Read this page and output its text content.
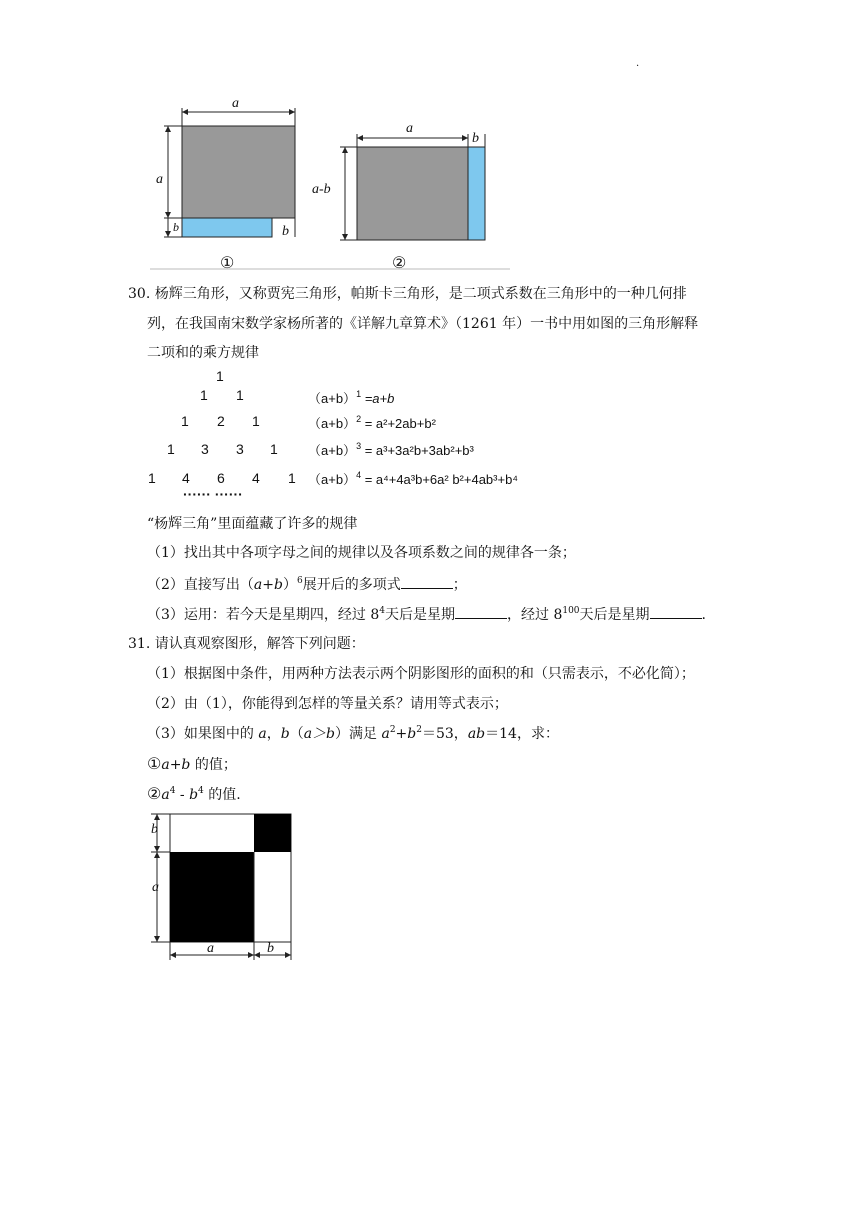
.
a
a
b	b
①
a
b
a-b
②
30. 杨辉三角形，又称贾宪三角形，帕斯卡三角形，是二项式系数在三角形中的一种几何排
列，在我国南宋数学家杨所著的《详解九章算术》（1261 年）一书中用如图的三角形解释
二项和的乘方规律
1
1 1
1 2 1
1 3 3 1
1 4 6 4 1
······ ······
$(a+b)^1 =a+b$
$(a+b)^2 = a^2+2ab+b^2$
$(a+b)^3 = a^3+3a^2b+3ab^2+b^3$
$(a+b)^4 = a^4+4a^3b+6a^2$ b²+4ab³+b⁴
“杨辉三角”里面蕴藏了许多的规律
（1）找出其中各项字母之间的规律以及各项系数之间的规律各一条；
（2）直接写出$(a+b)^6$展开后的多项式	；
（3）运用：若今天是星期四，经过 $8^4$天后是星期	，经过 $8^{100}$天后是星期	.
31. 请认真观察图形，解答下列问题：
（1）根据图中条件，用两种方法表示两个阴影图形的面积的和（只需表示，不必化简）；
（2）由（1），你能得到怎样的等量关系？请用等式表示；
（3）如果图中的 a，b（a＞b）满足 $a^2+b^2=53$，ab＝14，求：
①a+b 的值；
$②a^4 - b^4$ 的值.
b
a
a	b
